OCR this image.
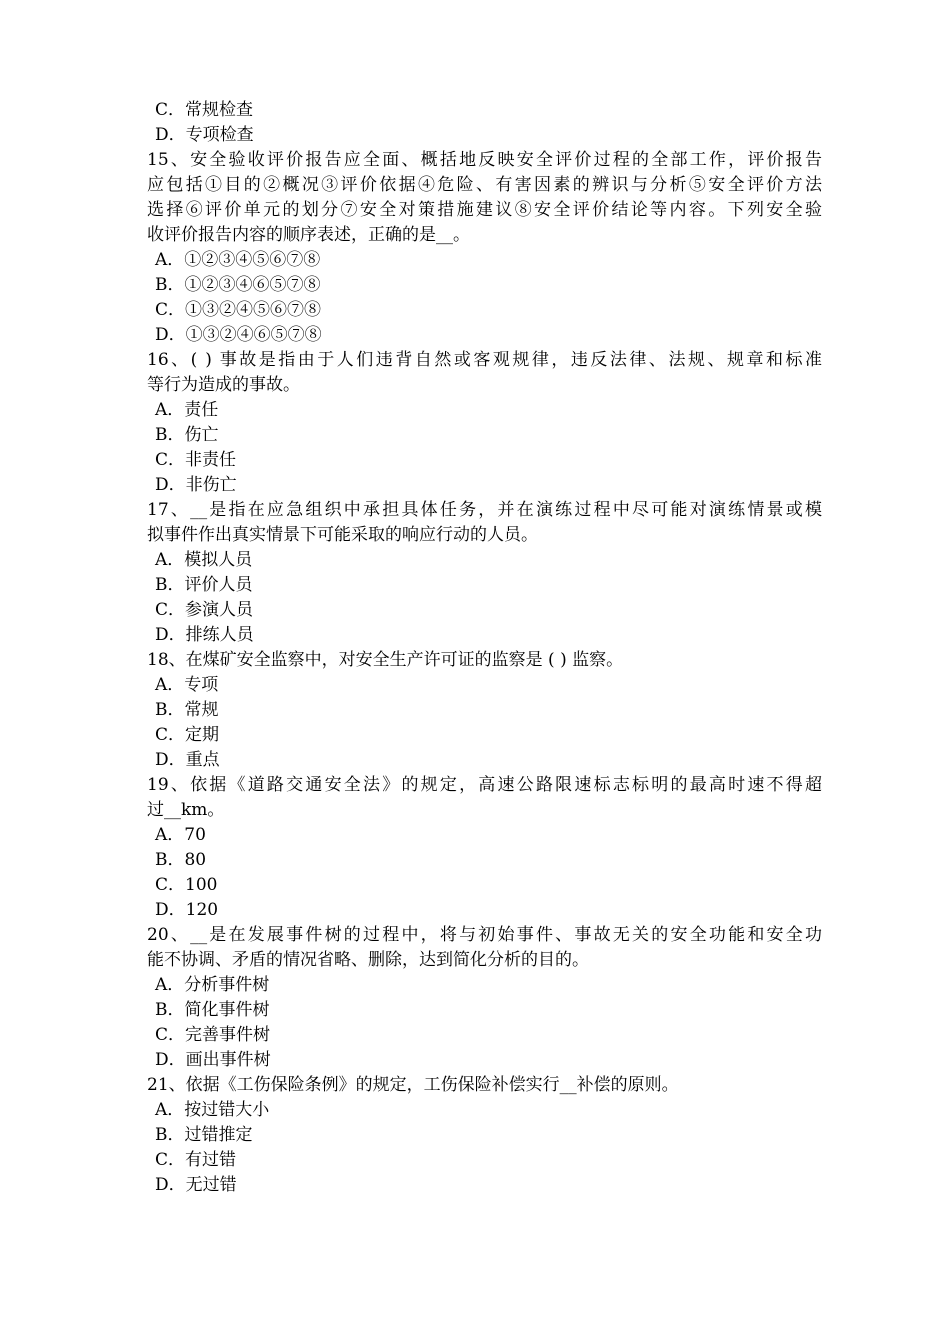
C．常规检查
D．专项检查
15、安全验收评价报告应全面、概括地反映安全评价过程的全部工作，评价报告
应包括①目的②概况③评价依据④危险、有害因素的辨识与分析⑤安全评价方法
选择⑥评价单元的划分⑦安全对策措施建议⑧安全评价结论等内容。下列安全验
收评价报告内容的顺序表述，正确的是__。
A．①②③④⑤⑥⑦⑧
B．①②③④⑥⑤⑦⑧
C．①③②④⑤⑥⑦⑧
D．①③②④⑥⑤⑦⑧
16、( ) 事故是指由于人们违背自然或客观规律，违反法律、法规、规章和标准
等行为造成的事故。
A．责任
B．伤亡
C．非责任
D．非伤亡
17、__是指在应急组织中承担具体任务，并在演练过程中尽可能对演练情景或模
拟事件作出真实情景下可能采取的响应行动的人员。
A．模拟人员
B．评价人员
C．参演人员
D．排练人员
18、在煤矿安全监察中，对安全生产许可证的监察是 ( ) 监察。
A．专项
B．常规
C．定期
D．重点
19、依据《道路交通安全法》的规定，高速公路限速标志标明的最高时速不得超
过__km。
A．70
B．80
C．100
D．120
20、__是在发展事件树的过程中，将与初始事件、事故无关的安全功能和安全功
能不协调、矛盾的情况省略、删除，达到简化分析的目的。
A．分析事件树
B．简化事件树
C．完善事件树
D．画出事件树
21、依据《工伤保险条例》的规定，工伤保险补偿实行__补偿的原则。
A．按过错大小
B．过错推定
C．有过错
D．无过错
